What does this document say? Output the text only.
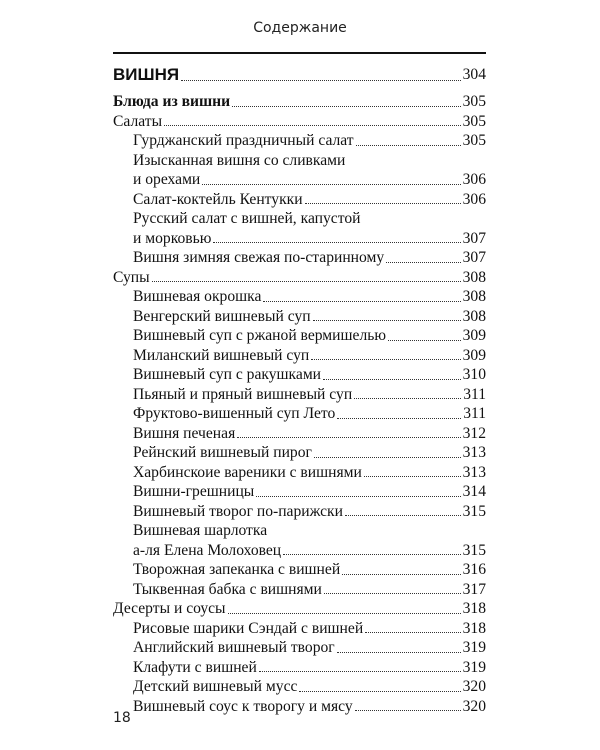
Содержание
ВИШНЯ	304
Блюда из вишни	305
Салаты	305
Гурджанский праздничный салат	305
Изысканная вишня со сливками
и орехами	306
Салат-коктейль Кентукки	306
Русский салат с вишней, капустой
и морковью	307
Вишня зимняя свежая по-старинному	307
Супы	308
Вишневая окрошка	308
Венгерский вишневый суп	308
Вишневый суп с ржаной вермишелью	309
Миланский вишневый суп	309
Вишневый суп с ракушками	310
Пьяный и пряный вишневый суп	311
Фруктово-вишенный суп Лето	311
Вишня печеная	312
Рейнский вишневый пирог	313
Харбинскоие вареники с вишнями	313
Вишни-грешницы	314
Вишневый творог по-парижски	315
Вишневая шарлотка
а-ля Елена Молоховец	315
Творожная запеканка с вишней	316
Тыквенная бабка с вишнями	317
Десерты и соусы	318
Рисовые шарики Сэндай с вишней	318
Английский вишневый творог	319
Клафути с вишней	319
Детский вишневый мусс	320
Вишневый соус к творогу и мясу	320
18
